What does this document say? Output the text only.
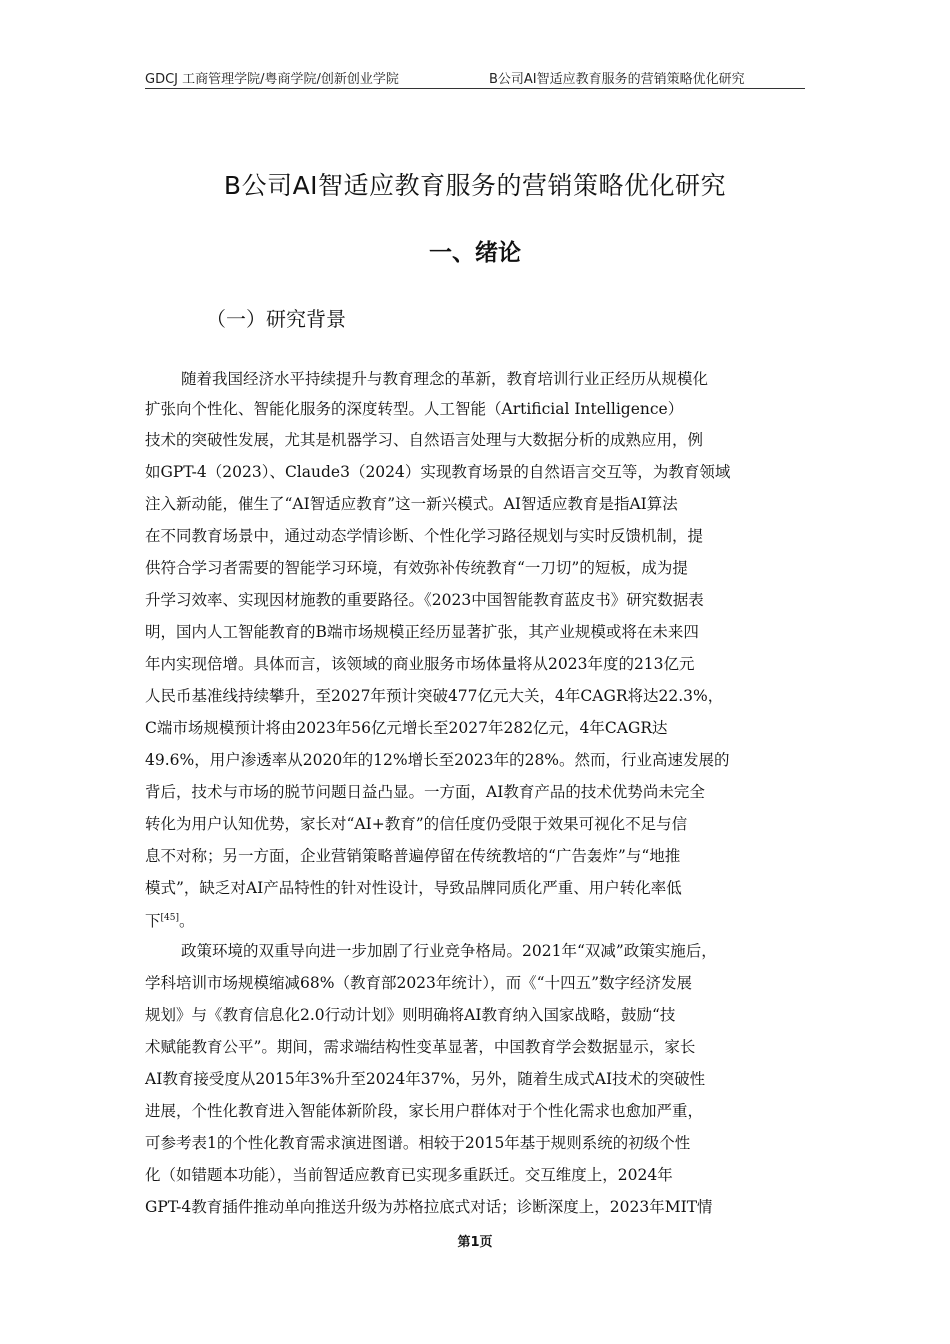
GDCJ 工商管理学院/粤商学院/创新创业学院	B公司AI智适应教育服务的营销策略优化研究
B公司AI智适应教育服务的营销策略优化研究
一、绪论
（一）研究背景
随着我国经济水平持续提升与教育理念的革新，教育培训行业正经历从规模化
扩张向个性化、智能化服务的深度转型。人工智能（Artificial Intelligence）
技术的突破性发展，尤其是机器学习、自然语言处理与大数据分析的成熟应用，例
如GPT-4（2023）、Claude3（2024）实现教育场景的自然语言交互等，为教育领域
注入新动能，催生了“AI智适应教育”这一新兴模式。AI智适应教育是指AI算法
在不同教育场景中，通过动态学情诊断、个性化学习路径规划与实时反馈机制，提
供符合学习者需要的智能学习环境，有效弥补传统教育“一刀切”的短板，成为提
升学习效率、实现因材施教的重要路径。《2023中国智能教育蓝皮书》研究数据表
明，国内人工智能教育的B端市场规模正经历显著扩张，其产业规模或将在未来四
年内实现倍增。具体而言，该领域的商业服务市场体量将从2023年度的213亿元
人民币基准线持续攀升，至2027年预计突破477亿元大关，4年CAGR将达22.3%，
C端市场规模预计将由2023年56亿元增长至2027年282亿元，4年CAGR达
49.6%，用户渗透率从2020年的12%增长至2023年的28%。然而，行业高速发展的
背后，技术与市场的脱节问题日益凸显。一方面，AI教育产品的技术优势尚未完全
转化为用户认知优势，家长对“AI+教育”的信任度仍受限于效果可视化不足与信
息不对称；另一方面，企业营销策略普遍停留在传统教培的“广告轰炸”与“地推
模式”，缺乏对AI产品特性的针对性设计，导致品牌同质化严重、用户转化率低
下[45]。
政策环境的双重导向进一步加剧了行业竞争格局。2021年“双减”政策实施后，
学科培训市场规模缩减68%（教育部2023年统计），而《“十四五”数字经济发展
规划》与《教育信息化2.0行动计划》则明确将AI教育纳入国家战略，鼓励“技
术赋能教育公平”。期间，需求端结构性变革显著，中国教育学会数据显示，家长
AI教育接受度从2015年3%升至2024年37%，另外，随着生成式AI技术的突破性
进展，个性化教育进入智能体新阶段，家长用户群体对于个性化需求也愈加严重，
可参考表1的个性化教育需求演进图谱。相较于2015年基于规则系统的初级个性
化（如错题本功能），当前智适应教育已实现多重跃迁。交互维度上，2024年
GPT-4教育插件推动单向推送升级为苏格拉底式对话；诊断深度上，2023年MIT情
第1页
